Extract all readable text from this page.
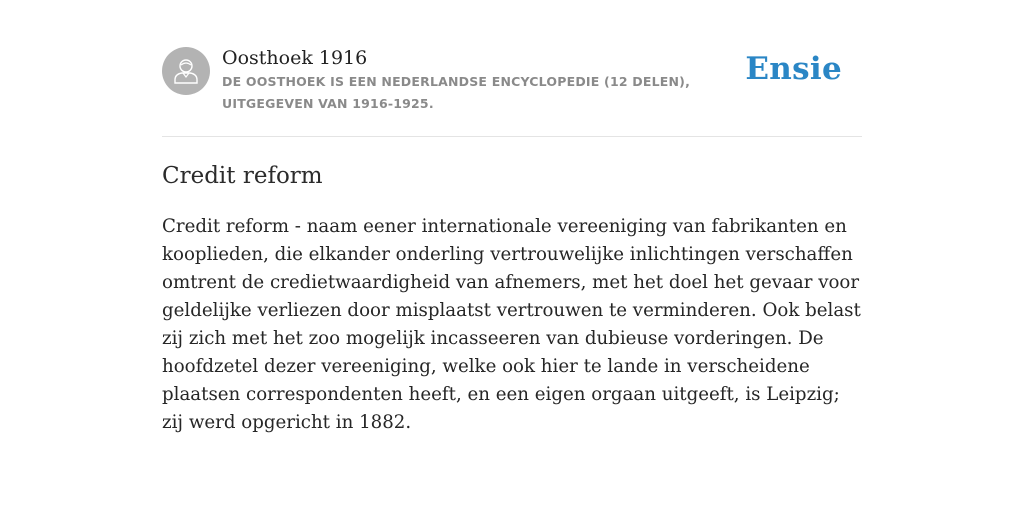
Oosthoek 1916
DE OOSTHOEK IS EEN NEDERLANDSE ENCYCLOPEDIE (12 DELEN), UITGEGEVEN VAN 1916-1925.
Ensie
Credit reform
Credit reform - naam eener internationale vereeniging van fabrikanten en kooplieden, die elkander onderling vertrouwelijke inlichtingen verschaffen omtrent de credietwaardigheid van afnemers, met het doel het gevaar voor geldelijke verliezen door misplaatst vertrouwen te verminderen. Ook belast zij zich met het zoo mogelijk incasseeren van dubieuse vorderingen. De hoofdzetel dezer vereeniging, welke ook hier te lande in verscheidene plaatsen correspondenten heeft, en een eigen orgaan uitgeeft, is Leipzig; zij werd opgericht in 1882.
